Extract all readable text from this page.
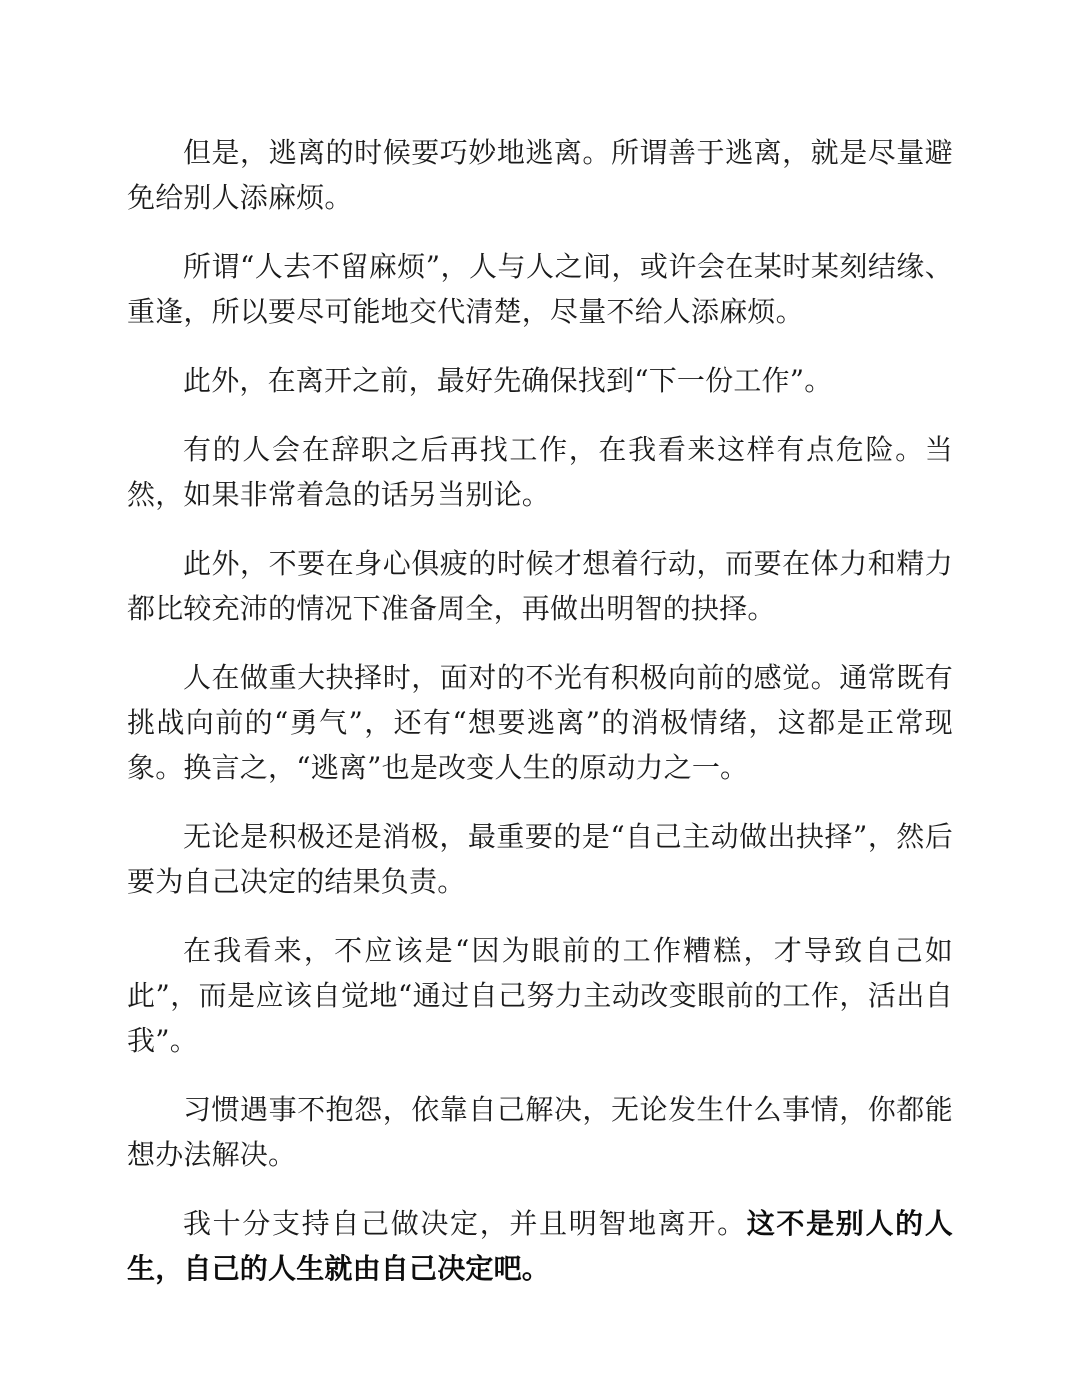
但是，逃离的时候要巧妙地逃离。所谓善于逃离，就是尽量避免给别人添麻烦。

所谓“人去不留麻烦”，人与人之间，或许会在某时某刻结缘、重逢，所以要尽可能地交代清楚，尽量不给人添麻烦。

此外，在离开之前，最好先确保找到“下一份工作”。

有的人会在辞职之后再找工作，在我看来这样有点危险。当然，如果非常着急的话另当别论。

此外，不要在身心俱疲的时候才想着行动，而要在体力和精力都比较充沛的情况下准备周全，再做出明智的抉择。

人在做重大抉择时，面对的不光有积极向前的感觉。通常既有挑战向前的“勇气”，还有“想要逃离”的消极情绪，这都是正常现象。换言之，“逃离”也是改变人生的原动力之一。

无论是积极还是消极，最重要的是“自己主动做出抉择”，然后要为自己决定的结果负责。

在我看来，不应该是“因为眼前的工作糟糕，才导致自己如此”，而是应该自觉地“通过自己努力主动改变眼前的工作，活出自我”。

习惯遇事不抱怨，依靠自己解决，无论发生什么事情，你都能想办法解决。

我十分支持自己做决定，并且明智地离开。这不是别人的人生，自己的人生就由自己决定吧。
